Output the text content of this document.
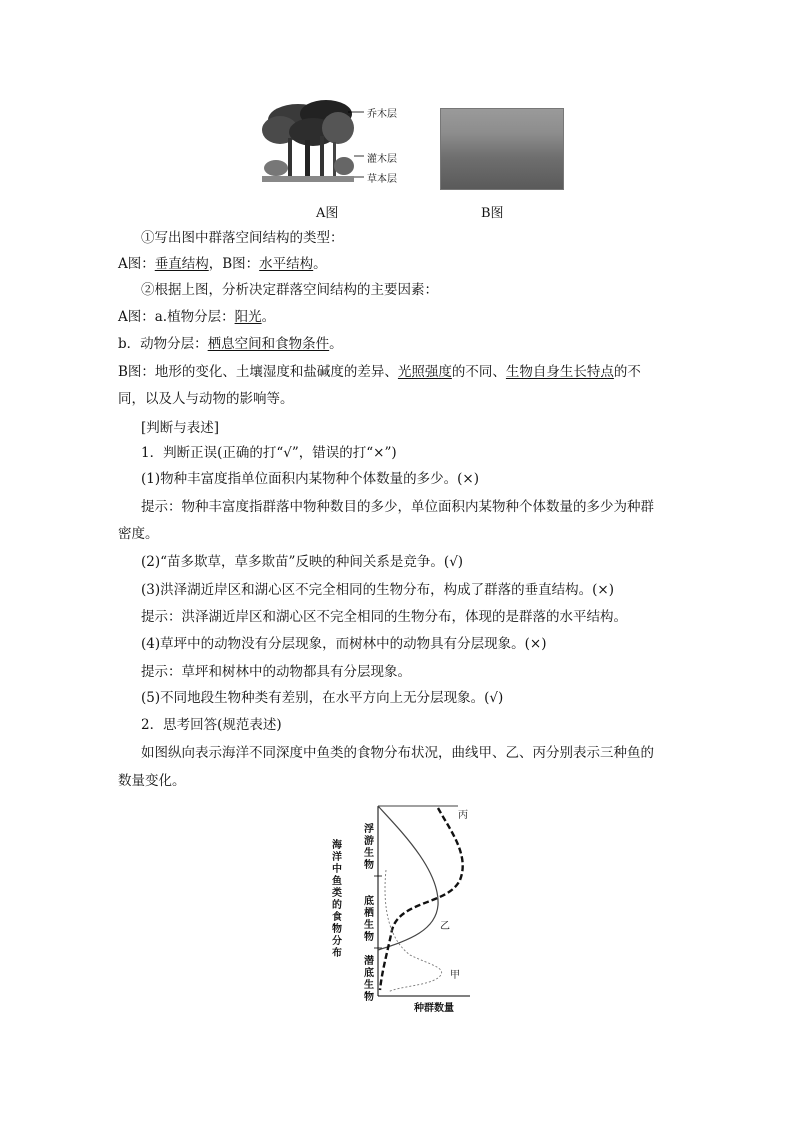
乔木层
灌木层
草本层
A图	B图
①写出图中群落空间结构的类型：
A图：垂直结构，B图：水平结构。
②根据上图，分析决定群落空间结构的主要因素：
A图：a.植物分层：阳光。
b．动物分层：栖息空间和食物条件。
B图：地形的变化、土壤湿度和盐碱度的差异、光照强度的不同、生物自身生长特点的不
同，以及人与动物的影响等。
[判断与表述]
1．判断正误(正确的打“√”，错误的打“×”)
(1)物种丰富度指单位面积内某物种个体数量的多少。(×)
提示：物种丰富度指群落中物种数目的多少，单位面积内某物种个体数量的多少为种群
密度。
(2)“苗多欺草，草多欺苗”反映的种间关系是竞争。(√)
(3)洪泽湖近岸区和湖心区不完全相同的生物分布，构成了群落的垂直结构。(×)
提示：洪泽湖近岸区和湖心区不完全相同的生物分布，体现的是群落的水平结构。
(4)草坪中的动物没有分层现象，而树林中的动物具有分层现象。(×)
提示：草坪和树林中的动物都具有分层现象。
(5)不同地段生物种类有差别，在水平方向上无分层现象。(√)
2．思考回答(规范表述)
如图纵向表示海洋不同深度中鱼类的食物分布状况，曲线甲、乙、丙分别表示三种鱼的
数量变化。
海洋中鱼类的食物分布
浮游生物
底栖生物
潜底生物
种群数量
丙
乙
甲
